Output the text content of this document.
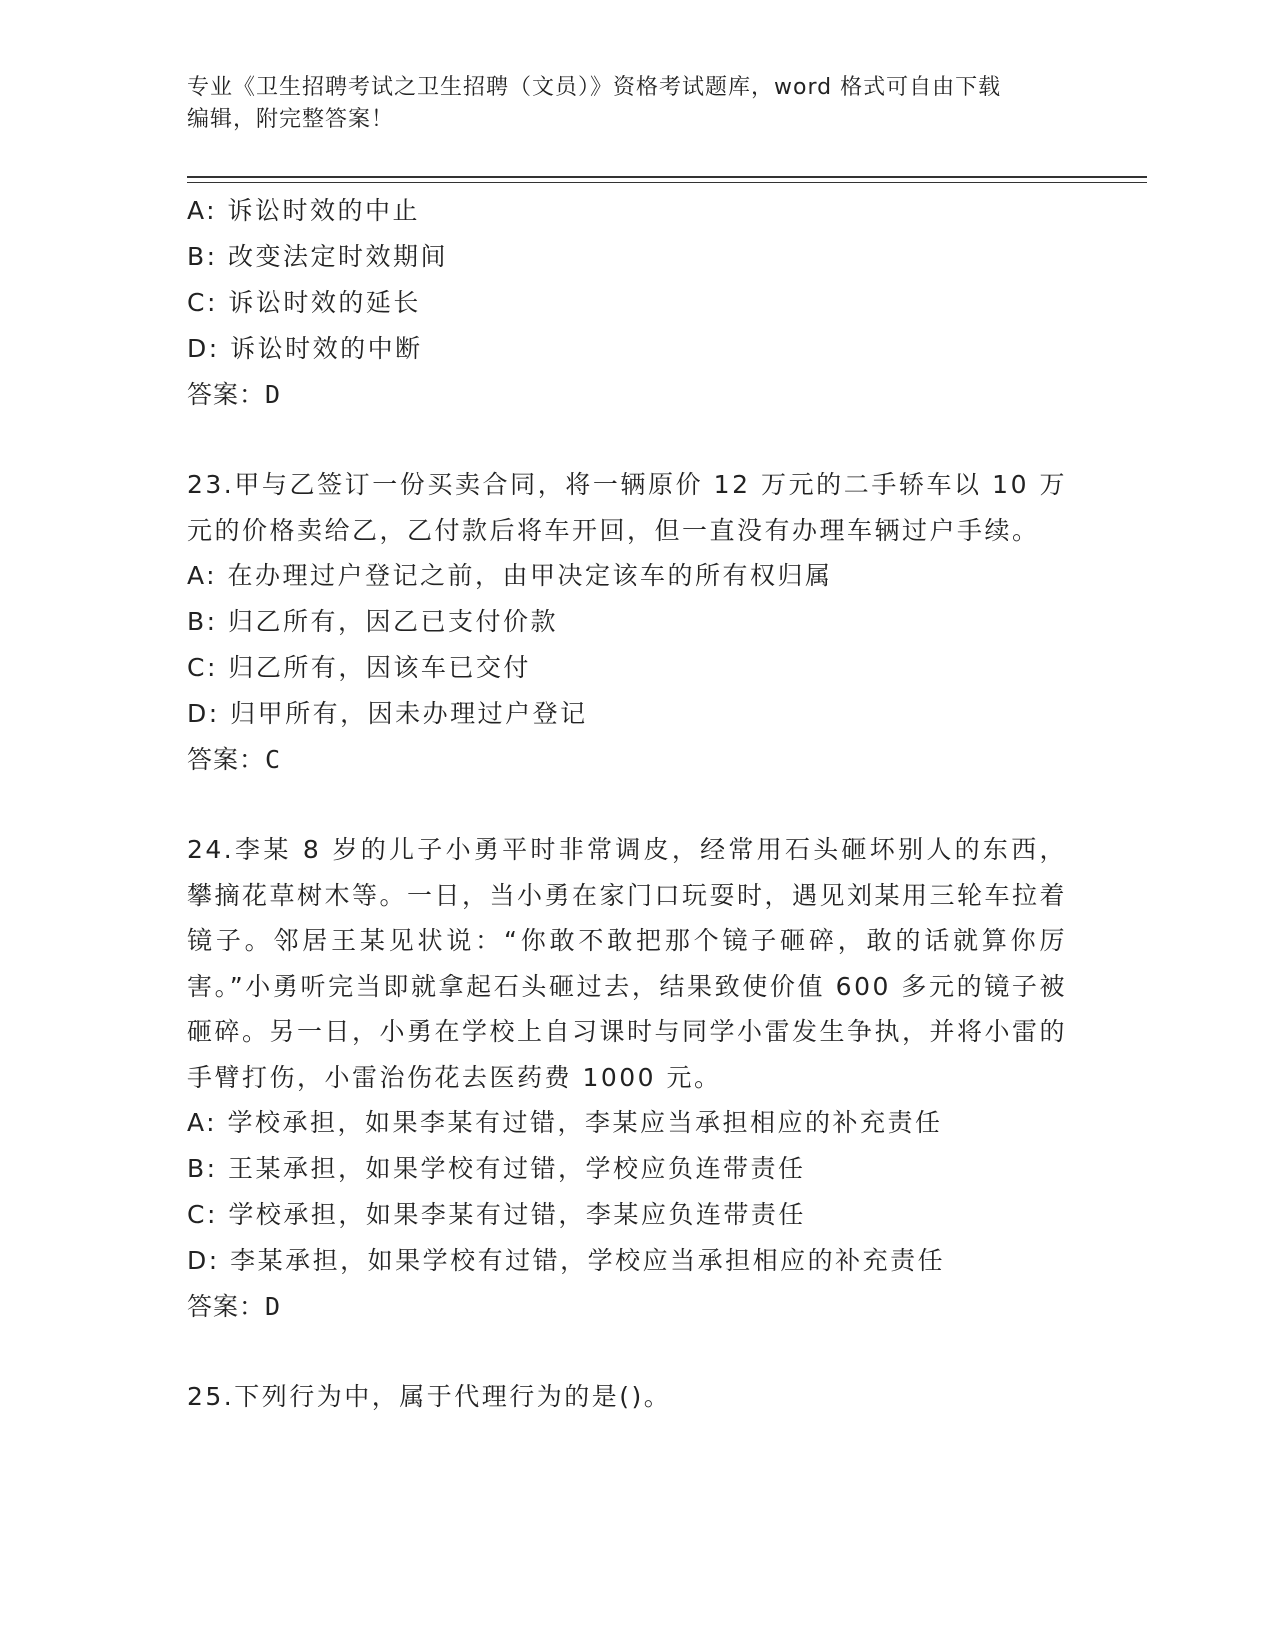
专业《卫生招聘考试之卫生招聘（文员）》资格考试题库，word 格式可自由下载
编辑，附完整答案！
A: 诉讼时效的中止
B: 改变法定时效期间
C: 诉讼时效的延长
D: 诉讼时效的中断
答案：D
23.甲与乙签订一份买卖合同，将一辆原价 12 万元的二手轿车以 10 万元的价格卖给乙，乙付款后将车开回，但一直没有办理车辆过户手续。
A: 在办理过户登记之前，由甲决定该车的所有权归属
B: 归乙所有，因乙已支付价款
C: 归乙所有，因该车已交付
D: 归甲所有，因未办理过户登记
答案：C
24.李某 8 岁的儿子小勇平时非常调皮，经常用石头砸坏别人的东西，攀摘花草树木等。一日，当小勇在家门口玩耍时，遇见刘某用三轮车拉着镜子。邻居王某见状说：“你敢不敢把那个镜子砸碎，敢的话就算你厉害。”小勇听完当即就拿起石头砸过去，结果致使价值 600 多元的镜子被砸碎。另一日，小勇在学校上自习课时与同学小雷发生争执，并将小雷的手臂打伤，小雷治伤花去医药费 1000 元。
A: 学校承担，如果李某有过错，李某应当承担相应的补充责任
B: 王某承担，如果学校有过错，学校应负连带责任
C: 学校承担，如果李某有过错，李某应负连带责任
D: 李某承担，如果学校有过错，学校应当承担相应的补充责任
答案：D
25.下列行为中，属于代理行为的是()。
